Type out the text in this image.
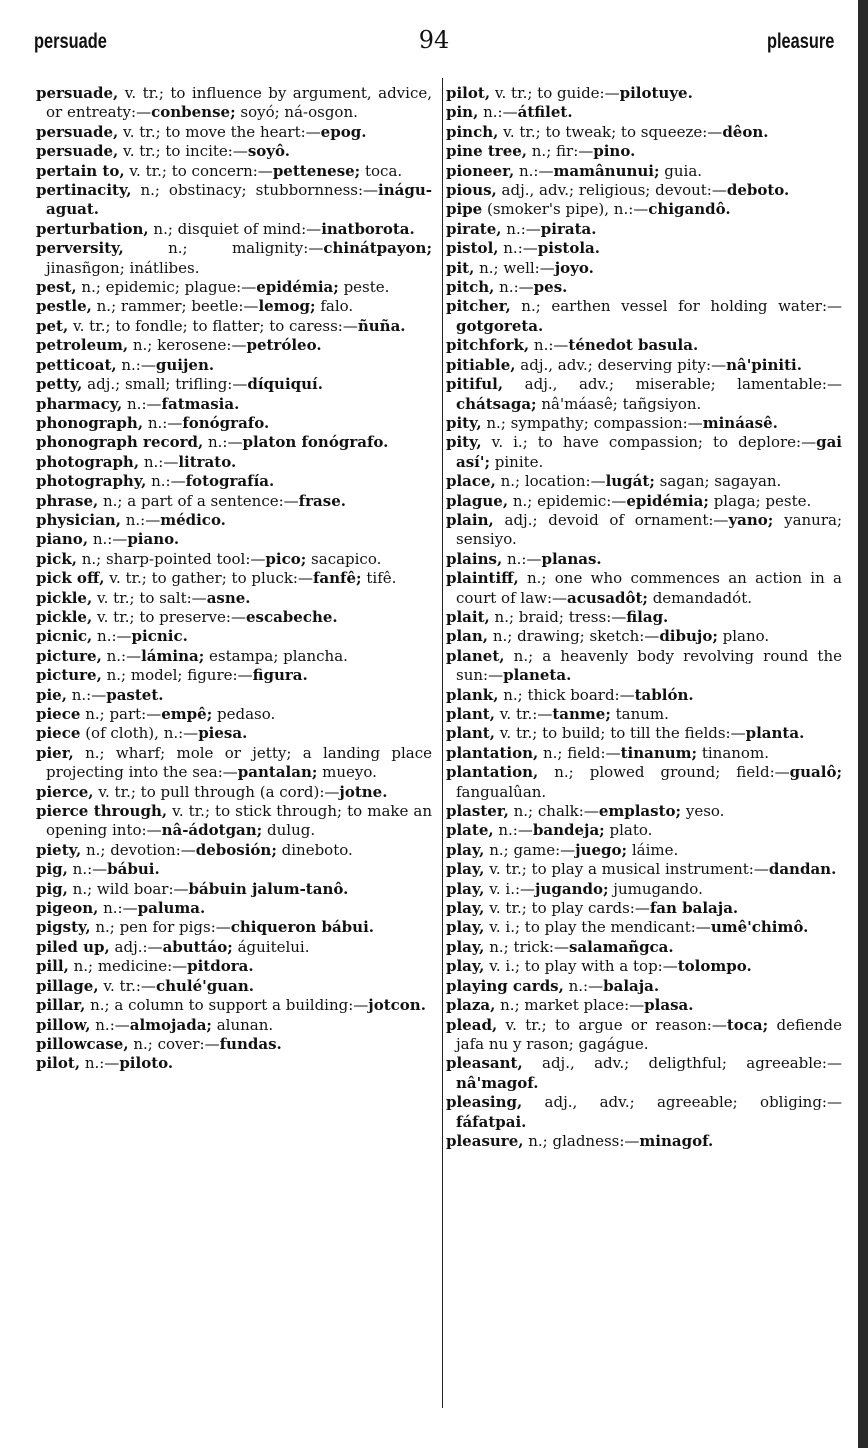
persuade	94	pleasure

persuade, v. tr.; to influence by argument, advice, or entreaty:—conbense; soyó; ná-osgon.

persuade, v. tr.; to move the heart:—epog.

persuade, v. tr.; to incite:—soyô.

pertain to, v. tr.; to concern:—pettenese; toca.

pertinacity, n.; obstinacy; stubbornness:—ináguaguat.

perturbation, n.; disquiet of mind:—inatborota.

perversity, n.; malignity:—chinátpayon; jinasñgon; inátlibes.

pest, n.; epidemic; plague:—epidémia; peste.

pestle, n.; rammer; beetle:—lemog; falo.

pet, v. tr.; to fondle; to flatter; to caress:—ñuña.

petroleum, n.; kerosene:—petróleo.

petticoat, n.:—guijen.

petty, adj.; small; trifling:—díquiquí.

pharmacy, n.:—fatmasia.

phonograph, n.:—fonógrafo.

phonograph record, n.:—platon fonógrafo.

photograph, n.:—litrato.

photography, n.:—fotografía.

phrase, n.; a part of a sentence:—frase.

physician, n.:—médico.

piano, n.:—piano.

pick, n.; sharp-pointed tool:—pico; sacapico.

pick off, v. tr.; to gather; to pluck:—fanfê; tifê.

pickle, v. tr.; to salt:—asne.

pickle, v. tr.; to preserve:—escabeche.

picnic, n.:—picnic.

picture, n.:—lámina; estampa; plancha.

picture, n.; model; figure:—figura.

pie, n.:—pastet.

piece n.; part:—empê; pedaso.

piece (of cloth), n.:—piesa.

pier, n.; wharf; mole or jetty; a landing place projecting into the sea:—pantalan; mueyo.

pierce, v. tr.; to pull through (a cord):—jotne.

pierce through, v. tr.; to stick through; to make an opening into:—nâ-ádotgan; dulug.

piety, n.; devotion:—debosión; dineboto.

pig, n.:—bábui.

pig, n.; wild boar:—bábuin jalum-tanô.

pigeon, n.:—paluma.

pigsty, n.; pen for pigs:—chiqueron bábui.

piled up, adj.:—abuttáo; águitelui.

pill, n.; medicine:—pitdora.

pillage, v. tr.:—chulé'guan.

pillar, n.; a column to support a building:—jotcon.

pillow, n.:—almojada; alunan.

pillowcase, n.; cover:—fundas.

pilot, n.:—piloto.

pilot, v. tr.; to guide:—pilotuye.

pin, n.:—átfilet.

pinch, v. tr.; to tweak; to squeeze:—dêon.

pine tree, n.; fir:—pino.

pioneer, n.:—mamânunui; guia.

pious, adj., adv.; religious; devout:—deboto.

pipe (smoker's pipe), n.:—chigandô.

pirate, n.:—pirata.

pistol, n.:—pistola.

pit, n.; well:—joyo.

pitch, n.:—pes.

pitcher, n.; earthen vessel for holding water:—gotgoreta.

pitchfork, n.:—ténedot basula.

pitiable, adj., adv.; deserving pity:—nâ'piniti.

pitiful, adj., adv.; miserable; lamentable:—chátsaga; nâ'máasê; tañgsiyon.

pity, n.; sympathy; compassion:—mináasê.

pity, v. i.; to have compassion; to deplore:—gai así'; pinite.

place, n.; location:—lugát; sagan; sagayan.

plague, n.; epidemic:—epidémia; plaga; peste.

plain, adj.; devoid of ornament:—yano; yanura; sensiyo.

plains, n.:—planas.

plaintiff, n.; one who commences an action in a court of law:—acusadôt; demandadót.

plait, n.; braid; tress:—filag.

plan, n.; drawing; sketch:—dibujo; plano.

planet, n.; a heavenly body revolving round the sun:—planeta.

plank, n.; thick board:—tablón.

plant, v. tr.:—tanme; tanum.

plant, v. tr.; to build; to till the fields:—planta.

plantation, n.; field:—tinanum; tinanom.

plantation, n.; plowed ground; field:—gualô; fangualûan.

plaster, n.; chalk:—emplasto; yeso.

plate, n.:—bandeja; plato.

play, n.; game:—juego; láime.

play, v. tr.; to play a musical instrument:—dandan.

play, v. i.:—jugando; jumugando.

play, v. tr.; to play cards:—fan balaja.

play, v. i.; to play the mendicant:—umê'chimô.

play, n.; trick:—salamañgca.

play, v. i.; to play with a top:—tolompo.

playing cards, n.:—balaja.

plaza, n.; market place:—plasa.

plead, v. tr.; to argue or reason:—toca; defiende jafa nu y rason; gagágue.

pleasant, adj., adv.; deligthful; agreeable:—nâ'magof.

pleasing, adj., adv.; agreeable; obliging:—fáfatpai.

pleasure, n.; gladness:—minagof.
